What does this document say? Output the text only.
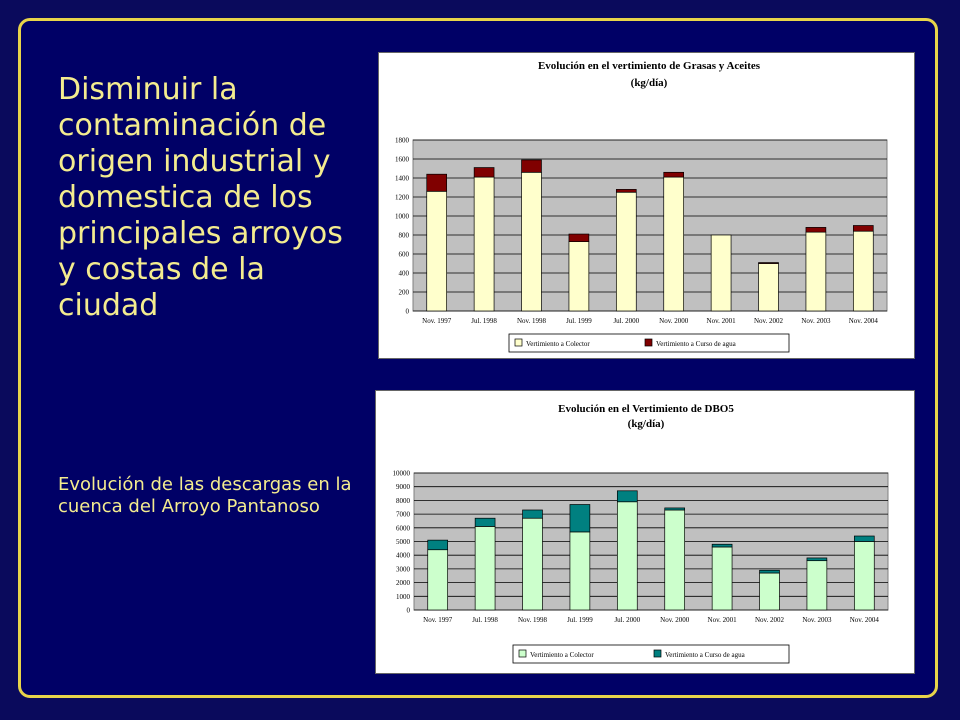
Disminuir la contaminación de origen industrial y domestica de los principales arroyos y costas de la ciudad
Evolución de las descargas en la cuenca del Arroyo Pantanoso
Evolución en el vertimiento de Grasas y Aceites
(kg/día)
0
200
400
600
800
1000
1200
1400
1600
1800
Nov. 1997	Jul. 1998	Nov. 1998	Jul. 1999	Jul. 2000	Nov. 2000	Nov. 2001	Nov. 2002	Nov. 2003	Nov. 2004
Vertimiento a Colector	Vertimiento a Curso de agua
Evolución en el Vertimiento de DBO5
(kg/día)
0
1000
2000
3000
4000
5000
6000
7000
8000
9000
10000
Nov. 1997	Jul. 1998	Nov. 1998	Jul. 1999	Jul. 2000	Nov. 2000	Nov. 2001	Nov. 2002	Nov. 2003	Nov. 2004
Vertimiento a Colector	Vertimiento a Curso de agua
